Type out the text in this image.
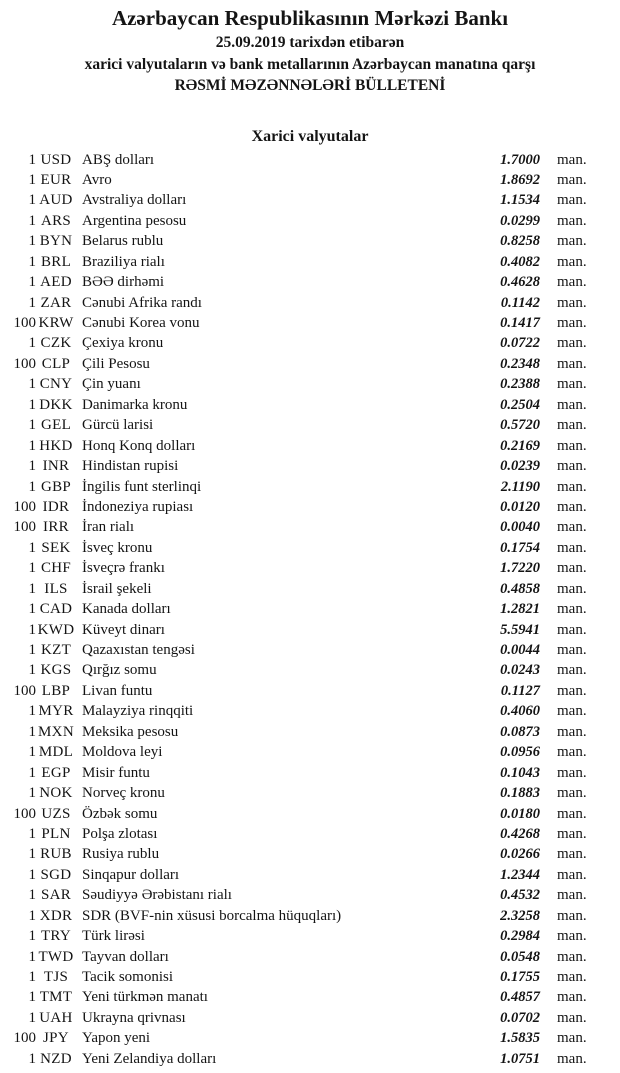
Azərbaycan Respublikasının Mərkəzi Bankı
25.09.2019 tarixdən etibarən
xarici valyutaların və bank metallarının Azərbaycan manatına qarşı
RƏSMİ MƏZƏNNƏLƏRİ BÜLLETENİ
Xarici valyutalar
1 USD ABŞ dolları	1.7000	man.
1 EUR Avro	1.8692	man.
1 AUD Avstraliya dolları	1.1534	man.
1 ARS Argentina pesosu	0.0299	man.
1 BYN Belarus rublu	0.8258	man.
1 BRL Braziliya rialı	0.4082	man.
1 AED BƏƏ dirhəmi	0.4628	man.
1 ZAR Cənubi Afrika randı	0.1142	man.
100 KRW Cənubi Korea vonu	0.1417	man.
1 CZK Çexiya kronu	0.0722	man.
100 CLP Çili Pesosu	0.2348	man.
1 CNY Çin yuanı	0.2388	man.
1 DKK Danimarka kronu	0.2504	man.
1 GEL Gürcü larisi	0.5720	man.
1 HKD Honq Konq dolları	0.2169	man.
1 INR Hindistan rupisi	0.0239	man.
1 GBP İngilis funt sterlinqi	2.1190	man.
100 IDR İndoneziya rupiası	0.0120	man.
100 IRR İran rialı	0.0040	man.
1 SEK İsveç kronu	0.1754	man.
1 CHF İsveçrə frankı	1.7220	man.
1 ILS İsrail şekeli	0.4858	man.
1 CAD Kanada dolları	1.2821	man.
1 KWD Küveyt dinarı	5.5941	man.
1 KZT Qazaxıstan tengəsi	0.0044	man.
1 KGS Qırğız somu	0.0243	man.
100 LBP Livan funtu	0.1127	man.
1 MYR Malayziya rinqqiti	0.4060	man.
1 MXN Meksika pesosu	0.0873	man.
1 MDL Moldova leyi	0.0956	man.
1 EGP Misir funtu	0.1043	man.
1 NOK Norveç kronu	0.1883	man.
100 UZS Özbək somu	0.0180	man.
1 PLN Polşa zlotası	0.4268	man.
1 RUB Rusiya rublu	0.0266	man.
1 SGD Sinqapur dolları	1.2344	man.
1 SAR Səudiyyə Ərəbistanı rialı	0.4532	man.
1 XDR SDR (BVF-nin xüsusi borcalma hüquqları)	2.3258	man.
1 TRY Türk lirəsi	0.2984	man.
1 TWD Tayvan dolları	0.0548	man.
1 TJS Tacik somonisi	0.1755	man.
1 TMT Yeni türkmən manatı	0.4857	man.
1 UAH Ukrayna qrivnası	0.0702	man.
100 JPY Yapon yeni	1.5835	man.
1 NZD Yeni Zelandiya dolları	1.0751	man.
